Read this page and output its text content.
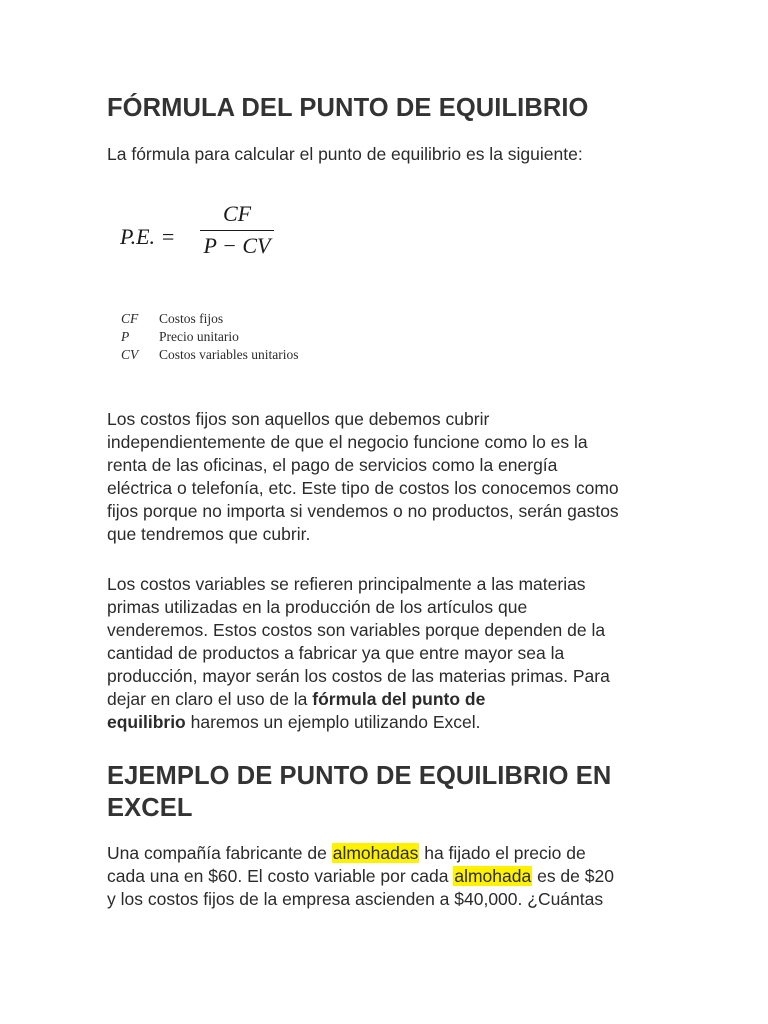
FÓRMULA DEL PUNTO DE EQUILIBRIO

La fórmula para calcular el punto de equilibrio es la siguiente:

P.E. =
CF
P − CV
CF	Costos fijos
P	Precio unitario
CV	Costos variables unitarios

Los costos fijos son aquellos que debemos cubrir
independientemente de que el negocio funcione como lo es la
renta de las oficinas, el pago de servicios como la energía
eléctrica o telefonía, etc. Este tipo de costos los conocemos como
fijos porque no importa si vendemos o no productos, serán gastos
que tendremos que cubrir.

Los costos variables se refieren principalmente a las materias
primas utilizadas en la producción de los artículos que
venderemos. Estos costos son variables porque dependen de la
cantidad de productos a fabricar ya que entre mayor sea la
producción, mayor serán los costos de las materias primas. Para
dejar en claro el uso de la fórmula del punto de
equilibrio haremos un ejemplo utilizando Excel.

EJEMPLO DE PUNTO DE EQUILIBRIO EN
EXCEL

Una compañía fabricante de almohadas ha fijado el precio de
cada una en $60. El costo variable por cada almohada es de $20
y los costos fijos de la empresa ascienden a $40,000. ¿Cuántas
